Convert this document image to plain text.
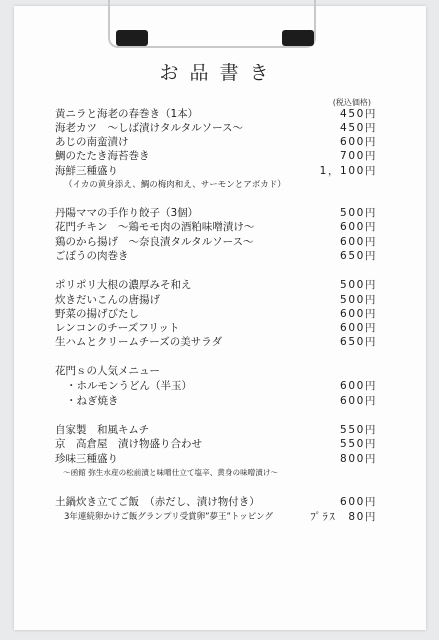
お品書き
(税込価格)
黄ニラと海老の春巻き（1本）	450円
海老カツ　〜しば漬けタルタルソース〜	450円
あじの南蛮漬け	600円
鯛のたたき海苔巻き	700円
海鮮三種盛り	1，100円
（イカの黄身添え、鯛の梅肉和え、サーモンとアボカド）
丹陽ママの手作り餃子（3個）	500円
花門チキン　〜鶏モモ肉の酒粕味噌漬け〜	600円
鶏のから揚げ　〜奈良漬タルタルソース〜	600円
ごぼうの肉巻き	650円
ポリポリ大根の濃厚みそ和え	500円
炊きだいこんの唐揚げ	500円
野菜の揚げびたし	600円
レンコンのチーズフリット	600円
生ハムとクリームチーズの美サラダ	650円
花門ｓの人気メニュー
・ホルモンうどん（半玉）	600円
・ねぎ焼き	600円
自家製　和風キムチ	550円
京　高倉屋　漬け物盛り合わせ	550円
珍味三種盛り	800円
〜函館 弥生水産の松前漬と味噌仕立て塩辛、黄身の味噌漬け〜
土鍋炊き立てご飯　（赤だし、漬け物付き）	600円
3年連続卵かけご飯グランプリ受賞卵”夢王”トッピング	ﾌﾟﾗｽ　80円
